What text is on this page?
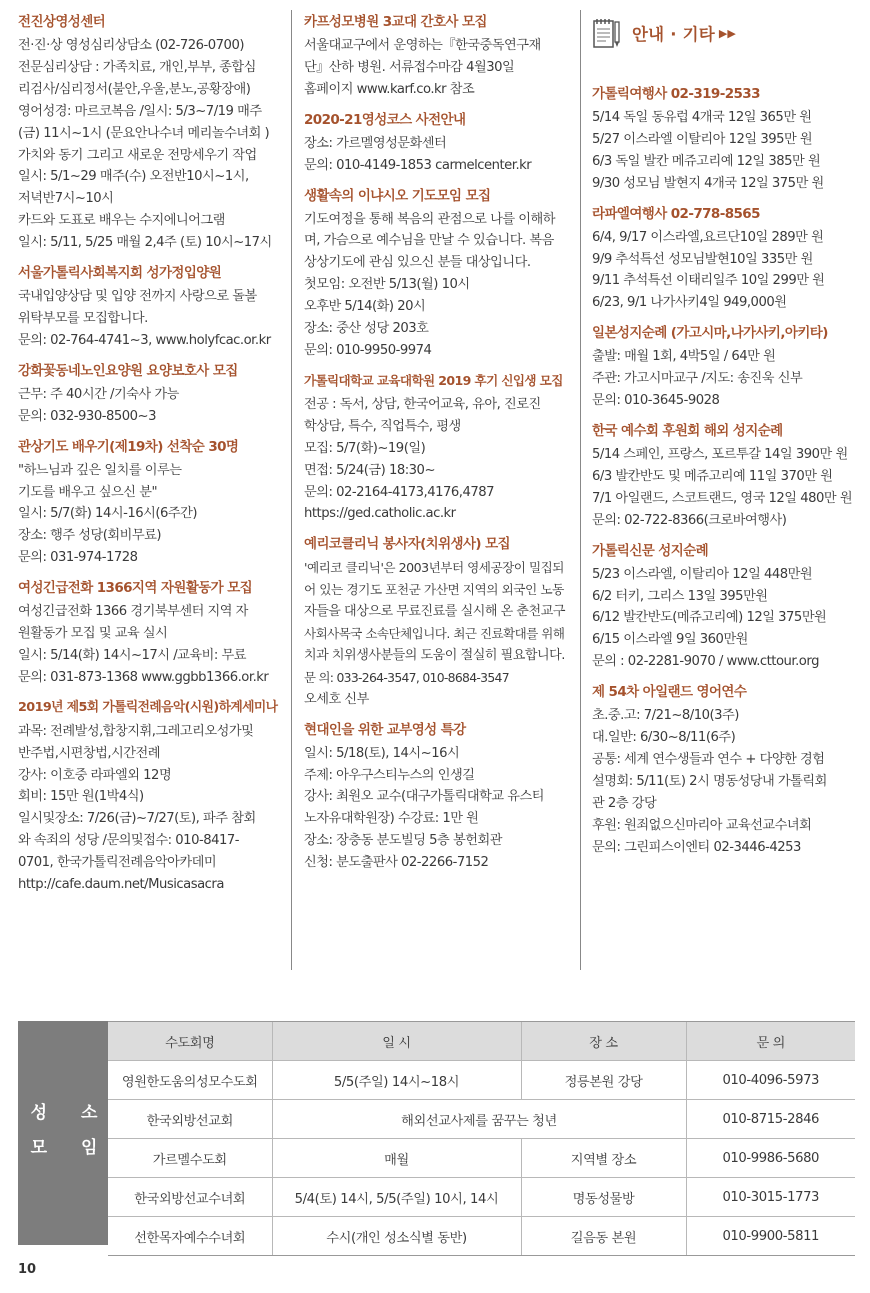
전진상영성센터
전·진·상 영성심리상담소 (02-726-0700)
전문심리상담 : 가족치료, 개인,부부, 종합심
리검사/심리정서(불안,우울,분노,공황장애)
영어성경: 마르코복음 /일시: 5/3~7/19 매주
(금) 11시~1시 (문요안나수녀 메리놀수녀회 )
가치와 동기 그리고 새로운 전망세우기 작업
일시: 5/1~29 매주(수) 오전반10시~1시,
저녁반7시~10시
카드와 도표로 배우는 수지에니어그램
일시: 5/11, 5/25 매월 2,4주 (토) 10시~17시
서울가톨릭사회복지회 성가정입양원
국내입양상담 및 입양 전까지 사랑으로 돌볼
위탁부모를 모집합니다.
문의: 02-764-4741~3, www.holyfcac.or.kr
강화꽃동네노인요양원 요양보호사 모집
근무: 주 40시간 /기숙사 가능
문의: 032-930-8500~3
관상기도 배우기(제19차) 선착순 30명
"하느님과 깊은 일치를 이루는
기도를 배우고 싶으신 분"
일시: 5/7(화) 14시-16시(6주간)
장소: 행주 성당(회비무료)
문의: 031-974-1728
여성긴급전화 1366지역 자원활동가 모집
여성긴급전화 1366 경기북부센터 지역 자
원활동가 모집 및 교육 실시
일시: 5/14(화) 14시~17시 /교육비: 무료
문의: 031-873-1368 www.ggbb1366.or.kr
2019년 제5회 가톨릭전례음악(시원)하계세미나
과목: 전례발성,합창지휘,그레고리오성가및
반주법,시편창법,시간전례
강사: 이호중 라파엘외 12명
회비: 15만 원(1박4식)
일시및장소: 7/26(금)~7/27(토), 파주 참회
와 속죄의 성당 /문의및접수: 010-8417-
0701, 한국가톨릭전례음악아카데미
http://cafe.daum.net/Musicasacra
카프성모병원 3교대 간호사 모집
서울대교구에서 운영하는『한국중독연구재
단』산하 병원. 서류접수마감 4월30일
홈페이지 www.karf.co.kr 참조
2020-21영성코스 사전안내
장소: 가르멜영성문화센터
문의: 010-4149-1853 carmelcenter.kr
생활속의 이냐시오 기도모임 모집
기도여정을 통해 복음의 관점으로 나를 이해하
며, 가슴으로 예수님을 만날 수 있습니다. 복음
상상기도에 관심 있으신 분들 대상입니다.
첫모임: 오전반 5/13(월) 10시
오후반 5/14(화) 20시
장소: 중산 성당 203호
문의: 010-9950-9974
가톨릭대학교 교육대학원 2019 후기 신입생 모집
전공 : 독서, 상담, 한국어교육, 유아, 진로진
학상담, 특수, 직업특수, 평생
모집: 5/7(화)~19(일)
면접: 5/24(금) 18:30~
문의: 02-2164-4173,4176,4787
https://ged.catholic.ac.kr
예리코클리닉 봉사자(치위생사) 모집
'예리코 클리닉'은 2003년부터 영세공장이 밀집되
어 있는 경기도 포천군 가산면 지역의 외국인 노동
자들을 대상으로 무료진료를 실시해 온 춘천교구
사회사목국 소속단체입니다. 최근 진료확대를 위해
치과 치위생사분들의 도움이 절실히 필요합니다.
문 의: 033-264-3547, 010-8684-3547
오세호 신부
현대인을 위한 교부영성 특강
일시: 5/18(토), 14시~16시
주제: 아우구스티누스의 인생길
강사: 최원오 교수(대구가톨릭대학교 유스티
노자유대학원장) 수강료: 1만 원
장소: 장충동 분도빌딩 5층 봉헌회관
신청: 분도출판사 02-2266-7152
안내 · 기타 ▶▶
가톨릭여행사 02-319-2533
5/14 독일 동유럽 4개국 12일 365만 원
5/27 이스라엘 이탈리아 12일 395만 원
6/3 독일 발칸 메쥬고리예 12일 385만 원
9/30 성모님 발현지 4개국 12일 375만 원
라파엘여행사 02-778-8565
6/4, 9/17 이스라엘,요르단10일 289만 원
9/9 추석특선 성모님발현10일 335만 원
9/11 추석특선 이태리일주 10일 299만 원
6/23, 9/1 나가사키4일 949,000원
일본성지순례 (가고시마,나가사키,아키타)
출발: 매월 1회, 4박5일 / 64만 원
주관: 가고시마교구 /지도: 송진욱 신부
문의: 010-3645-9028
한국 예수회 후원회 해외 성지순례
5/14 스페인, 프랑스, 포르투갈 14일 390만 원
6/3 발칸반도 및 메쥬고리예 11일 370만 원
7/1 아일랜드, 스코트랜드, 영국 12일 480만 원
문의: 02-722-8366(크로바여행사)
가톨릭신문 성지순례
5/23 이스라엘, 이탈리아 12일 448만원
6/2 터키, 그리스 13일 395만원
6/12 발칸반도(메쥬고리예) 12일 375만원
6/15 이스라엘 9일 360만원
문의 : 02-2281-9070 / www.cttour.org
제 54차 아일랜드 영어연수
초.중.고: 7/21~8/10(3주)
대.일반: 6/30~8/11(6주)
공통: 세계 연수생들과 연수 + 다양한 경험
설명회: 5/11(토) 2시 명동성당내 가톨릭회
관 2층 강당
후원: 원죄없으신마리아 교육선교수녀회
문의: 그린피스이엔티 02-3446-4253
성 소
모 임
수도회명	일 시	장 소	문 의
영원한도움의성모수도회	5/5(주일) 14시~18시	정릉본원 강당	010-4096-5973
한국외방선교회	해외선교사제를 꿈꾸는 청년		010-8715-2846
가르멜수도회	매월	지역별 장소	010-9986-5680
한국외방선교수녀회	5/4(토) 14시, 5/5(주일) 10시, 14시	명동성물방	010-3015-1773
선한목자예수수녀회	수시(개인 성소식별 동반)	길음동 본원	010-9900-5811
10
